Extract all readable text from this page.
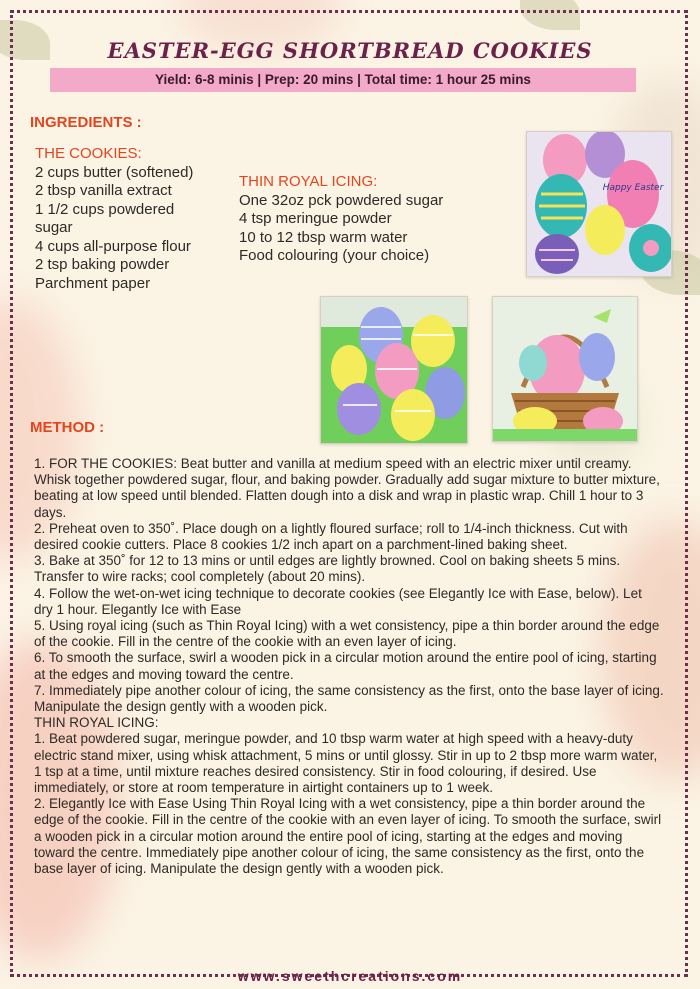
EASTER-EGG SHORTBREAD COOKIES
Yield: 6-8 minis | Prep: 20 mins | Total time: 1 hour 25 mins
INGREDIENTS :
THE COOKIES:
2 cups butter (softened)
2 tbsp vanilla extract
1 1/2 cups powdered
sugar
4 cups all-purpose flour
2 tsp baking powder
Parchment paper
THIN ROYAL ICING:
One 32oz pck powdered sugar
4 tsp meringue powder
10 to 12 tbsp warm water
Food colouring (your choice)
Happy Easter
METHOD :

1. FOR THE COOKIES: Beat butter and vanilla at medium speed with an electric mixer until creamy. Whisk together powdered sugar, flour, and baking powder. Gradually add sugar mixture to butter mixture, beating at low speed until blended. Flatten dough into a disk and wrap in plastic wrap. Chill 1 hour to 3 days.

2. Preheat oven to 350˚. Place dough on a lightly floured surface; roll to 1/4-inch thickness. Cut with desired cookie cutters. Place 8 cookies 1/2 inch apart on a parchment-lined baking sheet.

3. Bake at 350˚ for 12 to 13 mins or until edges are lightly browned. Cool on baking sheets 5 mins. Transfer to wire racks; cool completely (about 20 mins).

4. Follow the wet-on-wet icing technique to decorate cookies (see Elegantly Ice with Ease, below). Let dry 1 hour. Elegantly Ice with Ease

5. Using royal icing (such as Thin Royal Icing) with a wet consistency, pipe a thin border around the edge of the cookie. Fill in the centre of the cookie with an even layer of icing.

6. To smooth the surface, swirl a wooden pick in a circular motion around the entire pool of icing, starting at the edges and moving toward the centre.

7. Immediately pipe another colour of icing, the same consistency as the first, onto the base layer of icing. Manipulate the design gently with a wooden pick.

THIN ROYAL ICING:

1. Beat powdered sugar, meringue powder, and 10 tbsp warm water at high speed with a heavy-duty electric stand mixer, using whisk attachment, 5 mins or until glossy. Stir in up to 2 tbsp more warm water, 1 tsp at a time, until mixture reaches desired consistency. Stir in food colouring, if desired. Use immediately, or store at room temperature in airtight containers up to 1 week.

2. Elegantly Ice with Ease Using Thin Royal Icing with a wet consistency, pipe a thin border around the edge of the cookie. Fill in the centre of the cookie with an even layer of icing. To smooth the surface, swirl a wooden pick in a circular motion around the entire pool of icing, starting at the edges and moving toward the centre. Immediately pipe another colour of icing, the same consistency as the first, onto the base layer of icing. Manipulate the design gently with a wooden pick.

www.sweethcreations.com
